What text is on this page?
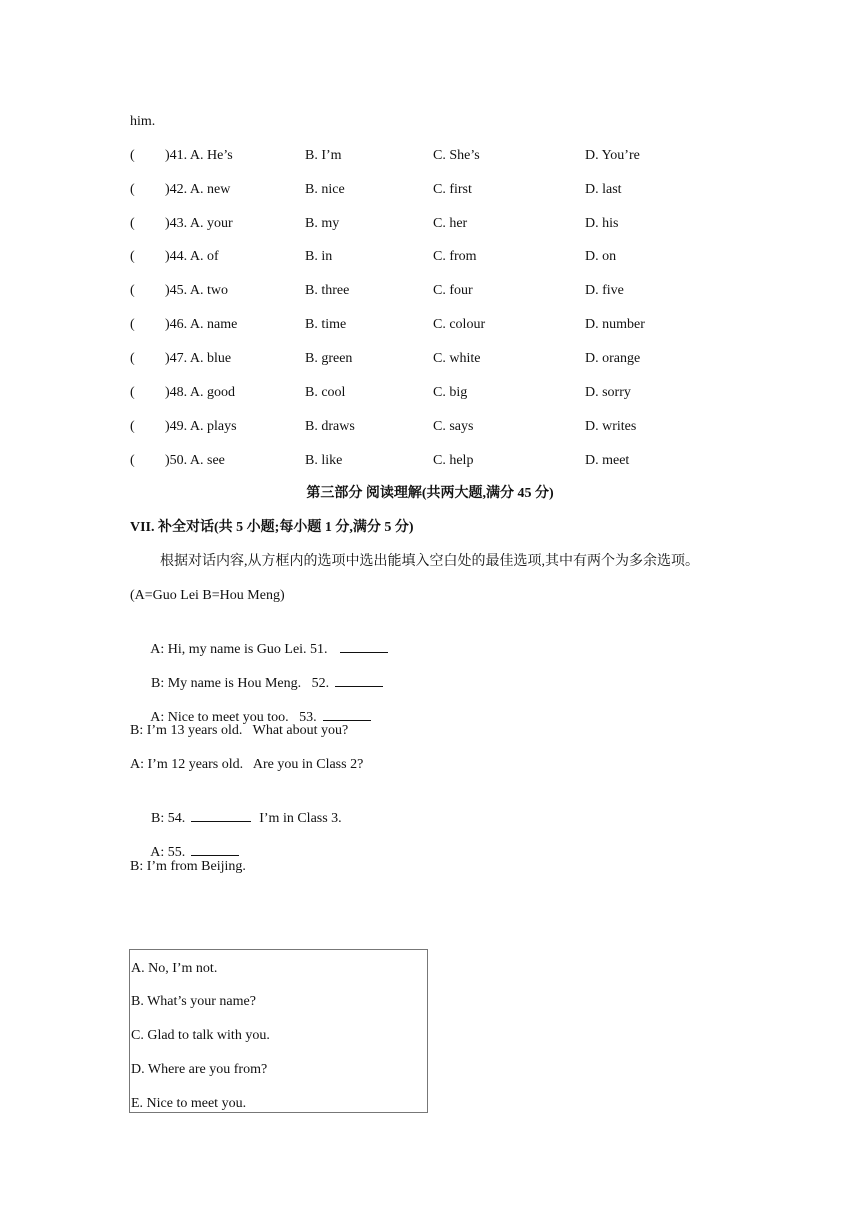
him.
( )41. A. He’s	B. I’m	C. She’s	D. You’re
( )42. A. new	B. nice	C. first	D. last
( )43. A. your	B. my	C. her	D. his
( )44. A. of	B. in	C. from	D. on
( )45. A. two	B. three	C. four	D. five
( )46. A. name	B. time	C. colour	D. number
( )47. A. blue	B. green	C. white	D. orange
( )48. A. good	B. cool	C. big	D. sorry
( )49. A. plays	B. draws	C. says	D. writes
( )50. A. see	B. like	C. help	D. meet
第三部分 阅读理解(共两大题,满分 45 分)
VII. 补全对话(共 5 小题;每小题 1 分,满分 5 分)
根据对话内容,从方框内的选项中选出能填入空白处的最佳选项,其中有两个为多余选项。
(A=Guo Lei B=Hou Meng)

A: Hi, my name is Guo Lei. 51.

B: My name is Hou Meng.   52.

A: Nice to meet you too.   53.

B: I’m 13 years old.   What about you?
A: I’m 12 years old.   Are you in Class 2?

B: 54.	I’m in Class 3.

A: 55.

B: I’m from Beijing.
A. No, I’m not.
B. What’s your name?
C. Glad to talk with you.
D. Where are you from?
E. Nice to meet you.
